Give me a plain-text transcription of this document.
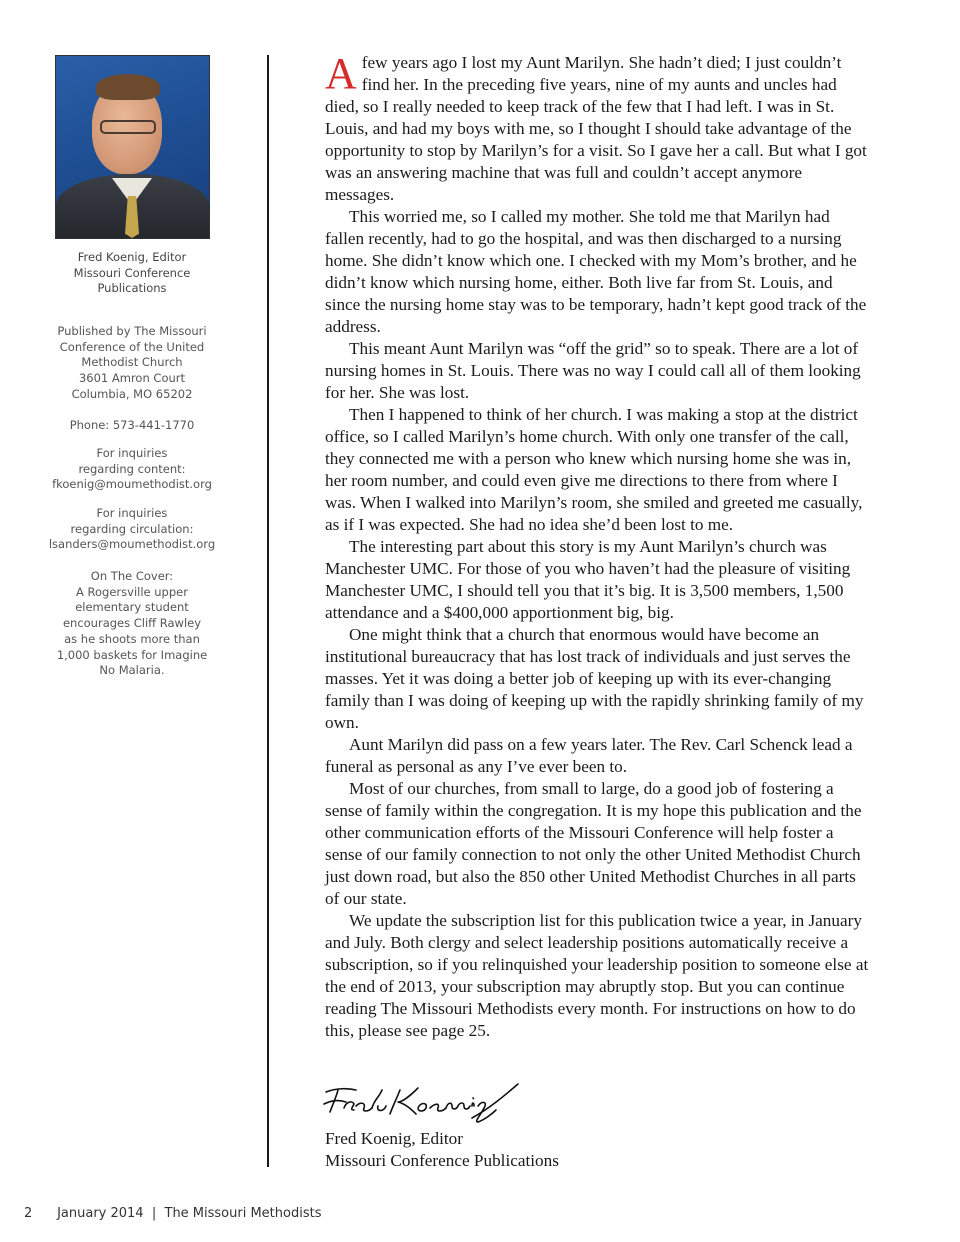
Fred Koenig, Editor
Missouri Conference
Publications
Published by The Missouri
Conference of the United
Methodist Church
3601 Amron Court
Columbia, MO 65202
Phone: 573-441-1770
For inquiries
regarding content:
fkoenig@moumethodist.org
For inquiries
regarding circulation:
lsanders@moumethodist.org
On The Cover:
A Rogersville upper
elementary student
encourages Cliff Rawley
as he shoots more than
1,000 baskets for Imagine
No Malaria.

Afew years ago I lost my Aunt Marilyn. She hadn’t died; I just couldn’t find her. In the preceding five years, nine of my aunts and uncles had died, so I really needed to keep track of the few that I had left. I was in St. Louis, and had my boys with me, so I thought I should take advantage of the opportunity to stop by Marilyn’s for a visit. So I gave her a call. But what I got was an answering machine that was full and couldn’t accept anymore messages.

This worried me, so I called my mother. She told me that Marilyn had fallen recently, had to go the hospital, and was then discharged to a nursing home. She didn’t know which one. I checked with my Mom’s brother, and he didn’t know which nursing home, either. Both live far from St. Louis, and since the nursing home stay was to be temporary, hadn’t kept good track of the address.

This meant Aunt Marilyn was “off the grid” so to speak. There are a lot of nursing homes in St. Louis. There was no way I could call all of them looking for her. She was lost.

Then I happened to think of her church. I was making a stop at the district office, so I called Marilyn’s home church. With only one transfer of the call, they connected me with a person who knew which nursing home she was in, her room number, and could even give me directions to there from where I was. When I walked into Marilyn’s room, she smiled and greeted me casually, as if I was expected. She had no idea she’d been lost to me.

The interesting part about this story is my Aunt Marilyn’s church was Manchester UMC. For those of you who haven’t had the pleasure of visiting Manchester UMC, I should tell you that it’s big. It is 3,500 members, 1,500 attendance and a $400,000 apportionment big, big.

One might think that a church that enormous would have become an institutional bureaucracy that has lost track of individuals and just serves the masses. Yet it was doing a better job of keeping up with its ever-changing family than I was doing of keeping up with the rapidly shrinking family of my own.

Aunt Marilyn did pass on a few years later. The Rev. Carl Schenck lead a funeral as personal as any I’ve ever been to.

Most of our churches, from small to large, do a good job of fostering a sense of family within the congregation. It is my hope this publication and the other communication efforts of the Missouri Conference will help foster a sense of our family connection to not only the other United Methodist Church just down road, but also the 850 other United Methodist Churches in all parts of our state.

We update the subscription list for this publication twice a year, in January and July. Both clergy and select leadership positions automatically receive a subscription, so if you relinquished your leadership position to someone else at the end of 2013, your subscription may abruptly stop. But you can continue reading The Missouri Methodists every month. For instructions on how to do this, please see page 25.

Fred Koenig, Editor
Missouri Conference Publications
2 January 2014 | The Missouri Methodists
